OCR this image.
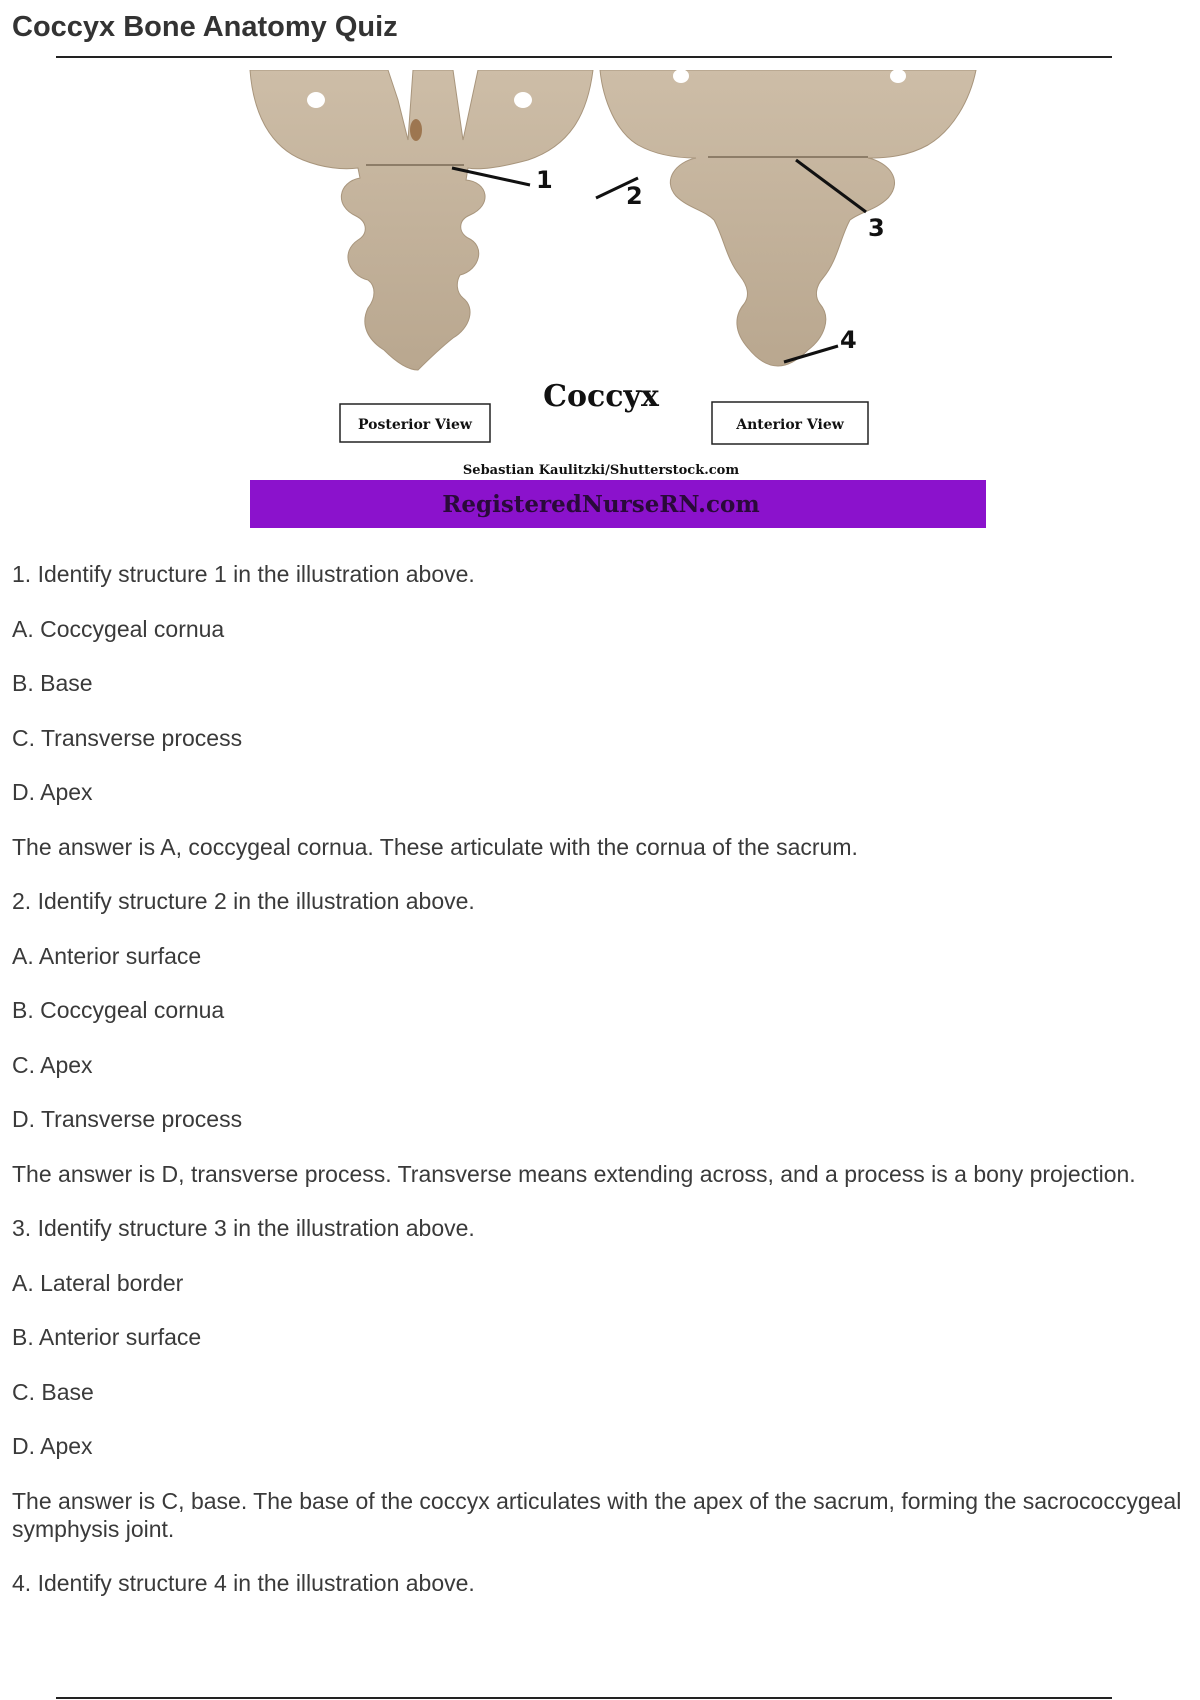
Coccyx Bone Anatomy Quiz
1
2
3
4
Posterior View	Anterior View
Coccyx
Sebastian Kaulitzki/Shutterstock.com
RegisteredNurseRN.com

1. Identify structure 1 in the illustration above.

A. Coccygeal cornua

B. Base

C. Transverse process

D. Apex

The answer is A, coccygeal cornua. These articulate with the cornua of the sacrum.

2. Identify structure 2 in the illustration above.

A. Anterior surface

B. Coccygeal cornua

C. Apex

D. Transverse process

The answer is D, transverse process. Transverse means extending across, and a process is a bony projection.

3. Identify structure 3 in the illustration above.

A. Lateral border

B. Anterior surface

C. Base

D. Apex

The answer is C, base. The base of the coccyx articulates with the apex of the sacrum, forming the sacrococcygeal symphysis joint.

4. Identify structure 4 in the illustration above.
